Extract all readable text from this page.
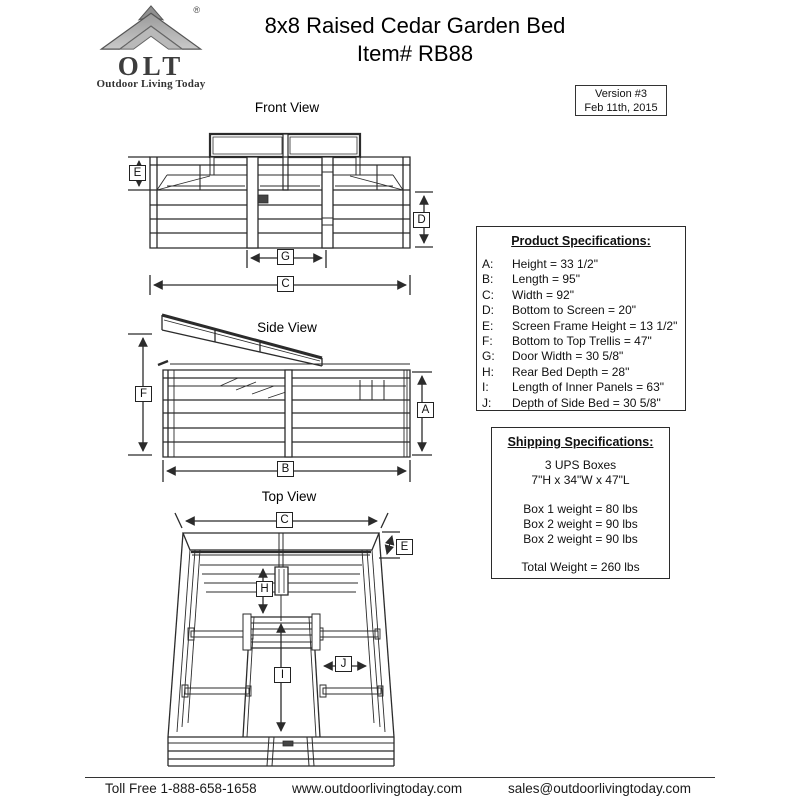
®
OLT
Outdoor Living Today
8x8 Raised Cedar Garden Bed
Item# RB88
Version #3
Feb 11th, 2015
Front View
E
D
G
C
Side View
F
A
B
Top View
C
E
H
I
J
Product Specifications:
A:	Height = 33 1/2"
B:	Length = 95"
C:	Width = 92"
D:	Bottom to Screen = 20"
E:	Screen Frame Height = 13 1/2"
F:	Bottom to Top Trellis = 47"
G:	Door Width = 30 5/8"
H:	Rear Bed Depth = 28"
I:	Length of Inner Panels = 63"
J:	Depth of Side Bed = 30 5/8"
Shipping Specifications:
3 UPS Boxes
7"H x 34"W x 47"L
Box 1 weight = 80 lbs
Box 2 weight = 90 lbs
Box 2 weight = 90 lbs
Total Weight = 260 lbs
Toll Free 1-888-658-1658	www.outdoorlivingtoday.com	sales@outdoorlivingtoday.com
